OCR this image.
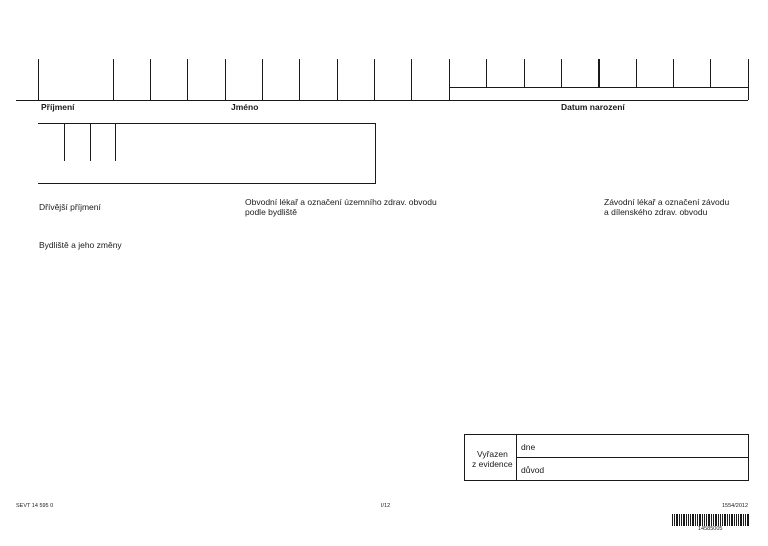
Příjmení	Jméno	Datum narození
Dřívější příjmení	Obvodní lékař a označení územního zdrav. obvodu
podle bydliště
Závodní lékař a označení závodu
a dílenského zdrav. obvodu
Bydliště a jeho změny
Vyřazen
z evidence
dne
důvod
SEVT 14 595 0	I/12	1554/2012
14585005
